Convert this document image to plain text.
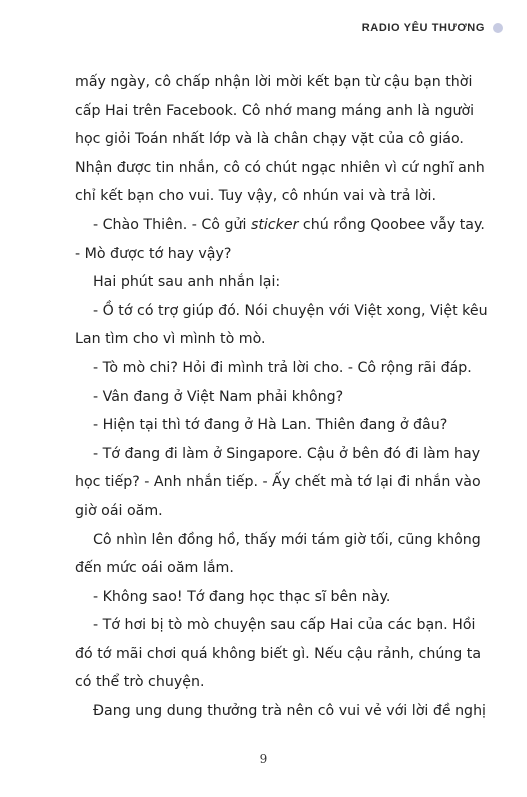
RADIO YÊU THƯƠNG

mấy ngày, cô chấp nhận lời mời kết bạn từ cậu bạn thời

cấp Hai trên Facebook. Cô nhớ mang máng anh là người

học giỏi Toán nhất lớp và là chân chạy vặt của cô giáo.

Nhận được tin nhắn, cô có chút ngạc nhiên vì cứ nghĩ anh

chỉ kết bạn cho vui. Tuy vậy, cô nhún vai và trả lời.

- Chào Thiên. - Cô gửi sticker chú rồng Qoobee vẫy tay.

- Mò được tớ hay vậy?

Hai phút sau anh nhắn lại:

- Ồ tớ có trợ giúp đó. Nói chuyện với Việt xong, Việt kêu

Lan tìm cho vì mình tò mò.

- Tò mò chi? Hỏi đi mình trả lời cho. - Cô rộng rãi đáp.

- Vân đang ở Việt Nam phải không?

- Hiện tại thì tớ đang ở Hà Lan. Thiên đang ở đâu?

- Tớ đang đi làm ở Singapore. Cậu ở bên đó đi làm hay

học tiếp? - Anh nhắn tiếp. - Ấy chết mà tớ lại đi nhắn vào

giờ oái oăm.

Cô nhìn lên đồng hồ, thấy mới tám giờ tối, cũng không

đến mức oái oăm lắm.

- Không sao! Tớ đang học thạc sĩ bên này.

- Tớ hơi bị tò mò chuyện sau cấp Hai của các bạn. Hồi

đó tớ mãi chơi quá không biết gì. Nếu cậu rảnh, chúng ta

có thể trò chuyện.

Đang ung dung thưởng trà nên cô vui vẻ với lời đề nghị

9
